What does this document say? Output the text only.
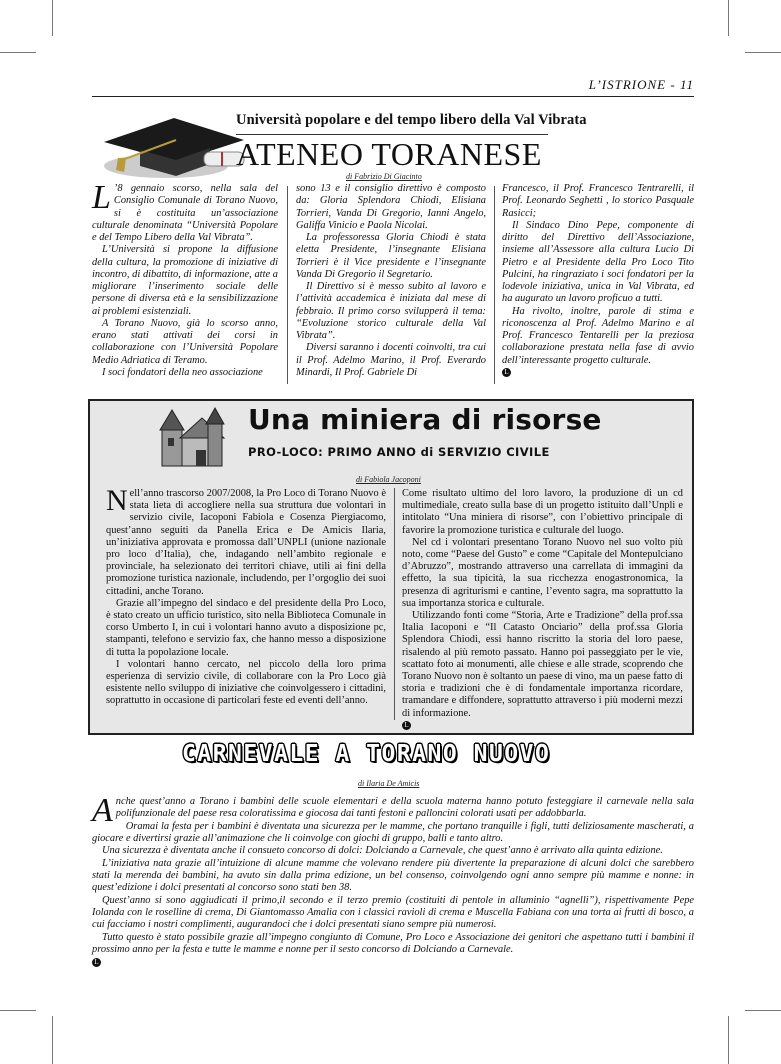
L’ISTRIONE - 11
Università popolare e del tempo libero della Val Vibrata
ATENEO TORANESE
di Fabrizio Di Giacinto
L ’8 gennaio scorso, nella sala del Consiglio Comunale di Torano Nuovo, si è costituita un’associazione culturale denominata “Università Popolare e del Tempo Libero della Val Vibrata”.

L’Università si propone la diffusione della cultura, la promozione di iniziative di incontro, di dibattito, di informazione, atte a migliorare l’inserimento sociale delle persone di diversa età e la sensibilizzazione ai problemi esistenziali.

A Torano Nuovo, già lo scorso anno, erano stati attivati dei corsi in collaborazione con l’Università Popolare Medio Adriatica di Teramo.

I soci fondatori della neo associazione

sono 13 e il consiglio direttivo è composto da: Gloria Splendora Chiodi, Elisiana Torrieri, Vanda Di Gregorio, Ianni Angelo, Galiffa Vinicio e Paola Nicolai.

La professoressa Gloria Chiodi è stata eletta Presidente, l’insegnante Elisiana Torrieri è il Vice presidente e l’insegnante Vanda Di Gregorio il Segretario.

Il Direttivo si è messo subito al lavoro e l’attività accademica è iniziata dal mese di febbraio. Il primo corso svilupperà il tema: “Evoluzione storico culturale della Val Vibrata”.

Diversi saranno i docenti coinvolti, tra cui il Prof. Adelmo Marino, il Prof. Everardo Minardi, Il Prof. Gabriele Di

Francesco, il Prof. Francesco Tentrarelli, il Prof. Leonardo Seghetti , lo storico Pasquale Rasicci;

Il Sindaco Dino Pepe, componente di diritto del Direttivo dell’Associazione, insieme all’Assessore alla cultura Lucio Di Pietro e al Presidente della Pro Loco Tito Pulcini, ha ringraziato i soci fondatori per la lodevole iniziativa, unica in Val Vibrata, ed ha augurato un lavoro proficuo a tutti.

Ha rivolto, inoltre, parole di stima e riconoscenza al Prof. Adelmo Marino e al Prof. Francesco Tentarelli per la preziosa collaborazione prestata nella fase di avvio dell’interessante progetto culturale.

L
Una miniera di risorse
PRO-LOCO: PRIMO ANNO di SERVIZIO CIVILE
di Fabiola Jacoponi
N ell’anno trascorso 2007/2008, la Pro Loco di Torano Nuovo è stata lieta di accogliere nella sua struttura due volontari in servizio civile, Iacoponi Fabiola e Cosenza Piergiacomo, quest’anno seguiti da Panella Erica e De Amicis Ilaria, un’iniziativa approvata e promossa dall’UNPLI (unione nazionale pro loco d’Italia), che, indagando nell’ambito regionale e provinciale, ha selezionato dei territori chiave, utili ai fini della promozione turistica nazionale, includendo, per l’orgoglio dei suoi cittadini, anche Torano.

Grazie all’impegno del sindaco e del presidente della Pro Loco, è stato creato un ufficio turistico, sito nella Biblioteca Comunale in corso Umberto I, in cui i volontari hanno avuto a disposizione pc, stampanti, telefono e servizio fax, che hanno messo a disposizione di tutta la popolazione locale.

I volontari hanno cercato, nel piccolo della loro prima esperienza di servizio civile, di collaborare con la Pro Loco già esistente nello sviluppo di iniziative che coinvolgessero i cittadini, soprattutto in occasione di particolari feste ed eventi dell’anno.

Come risultato ultimo del loro lavoro, la produzione di un cd multimediale, creato sulla base di un progetto istituito dall’Unpli e intitolato “Una miniera di risorse”, con l’obiettivo principale di favorire la promozione turistica e culturale del luogo.

Nel cd i volontari presentano Torano Nuovo nel suo volto più noto, come “Paese del Gusto” e come “Capitale del Montepulciano d’Abruzzo”, mostrando attraverso una carrellata di immagini da effetto, la sua tipicità, la sua ricchezza enogastronomica, la presenza di agriturismi e cantine, l’evento sagra, ma soprattutto la sua importanza storica e culturale.

Utilizzando fonti come “Storia, Arte e Tradizione” della prof.ssa Italia Iacoponi e “Il Catasto Onciario” della prof.ssa Gloria Splendora Chiodi, essi hanno riscritto la storia del loro paese, risalendo al più remoto passato. Hanno poi passeggiato per le vie, scattato foto ai monumenti, alle chiese e alle strade, scoprendo che Torano Nuovo non è soltanto un paese di vino, ma un paese fatto di storia e tradizioni che è di fondamentale importanza ricordare, tramandare e diffondere, soprattutto attraverso i più moderni mezzi di informazione.

L
CARNEVALE A TORANO NUOVO
di Ilaria De Amicis
A nche quest’anno a Torano i bambini delle scuole elementari e della scuola materna hanno potuto festeggiare il carnevale nella sala polifunzionale del paese resa coloratissima e giocosa dai tanti festoni e palloncini colorati usati per addobbarla.

Oramai la festa per i bambini è diventata una sicurezza per le mamme, che portano tranquille i figli, tutti deliziosamente mascherati, a giocare e divertirsi grazie all’animazione che li coinvolge con giochi di gruppo, balli e tanto altro.

Una sicurezza è diventata anche il consueto concorso di dolci: Dolciando a Carnevale, che quest’anno è arrivato alla quinta edizione.

L’iniziativa nata grazie all’intuizione di alcune mamme che volevano rendere più divertente la preparazione di alcuni dolci che sarebbero stati la merenda dei bambini, ha avuto sin dalla prima edizione, un bel consenso, coinvolgendo ogni anno sempre più mamme e nonne: in quest’edizione i dolci presentati al concorso sono stati ben 38.

Quest’anno si sono aggiudicati il primo,il secondo e il terzo premio (costituiti di pentole in alluminio “agnelli”), rispettivamente Pepe Iolanda con le roselline di crema, Di Giantomasso Amalia con i classici ravioli di crema e Muscella Fabiana con una torta ai frutti di bosco, a cui facciamo i nostri complimenti, augurandoci che i dolci presentati siano sempre più numerosi.

Tutto questo è stato possibile grazie all’impegno congiunto di Comune, Pro Loco e Associazione dei genitori che aspettano tutti i bambini il prossimo anno per la festa e tutte le mamme e nonne per il sesto concorso di Dolciando a Carnevale.

L
